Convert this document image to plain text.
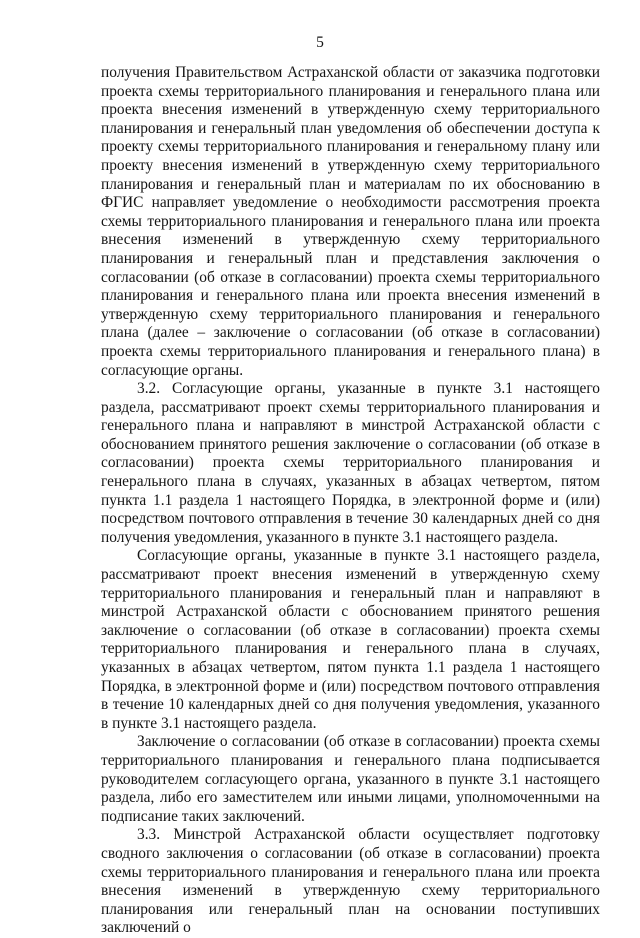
5

получения Правительством Астраханской области от заказчика подготовки проекта схемы территориального планирования и генерального плана или проекта внесения изменений в утвержденную схему территориального планирования и генеральный план уведомления об обеспечении доступа к проекту схемы территориального планирования и генеральному плану или проекту внесения изменений в утвержденную схему территориального планирования и генеральный план и материалам по их обоснованию в ФГИС направляет уведомление о необходимости рассмотрения проекта схемы территориального планирования и генерального плана или проекта внесения изменений в утвержденную схему территориального планирования и генеральный план и представления заключения о согласовании (об отказе в согласовании) проекта схемы территориального планирования и генерального плана или проекта внесения изменений в утвержденную схему территориального планирования и генерального плана (далее – заключение о согласовании (об отказе в согласовании) проекта схемы территориального планирования и генерального плана) в согласующие органы.

3.2. Согласующие органы, указанные в пункте 3.1 настоящего раздела, рассматривают проект схемы территориального планирования и генерального плана и направляют в минстрой Астраханской области с обоснованием принятого решения заключение о согласовании (об отказе в согласовании) проекта схемы территориального планирования и генерального плана в случаях, указанных в абзацах четвертом, пятом пункта 1.1 раздела 1 настоящего Порядка, в электронной форме и (или) посредством почтового отправления в течение 30 календарных дней со дня получения уведомления, указанного в пункте 3.1 настоящего раздела.

Согласующие органы, указанные в пункте 3.1 настоящего раздела, рассматривают проект внесения изменений в утвержденную схему территориального планирования и генеральный план и направляют в минстрой Астраханской области с обоснованием принятого решения заключение о согласовании (об отказе в согласовании) проекта схемы территориального планирования и генерального плана в случаях, указанных в абзацах четвертом, пятом пункта 1.1 раздела 1 настоящего Порядка, в электронной форме и (или) посредством почтового отправления в течение 10 календарных дней со дня получения уведомления, указанного в пункте 3.1 настоящего раздела.

Заключение о согласовании (об отказе в согласовании) проекта схемы территориального планирования и генерального плана подписывается руководителем согласующего органа, указанного в пункте 3.1 настоящего раздела, либо его заместителем или иными лицами, уполномоченными на подписание таких заключений.

3.3. Минстрой Астраханской области осуществляет подготовку сводного заключения о согласовании (об отказе в согласовании) проекта схемы территориального планирования и генерального плана или проекта внесения изменений в утвержденную схему территориального планирования или генеральный план на основании поступивших заключений о
